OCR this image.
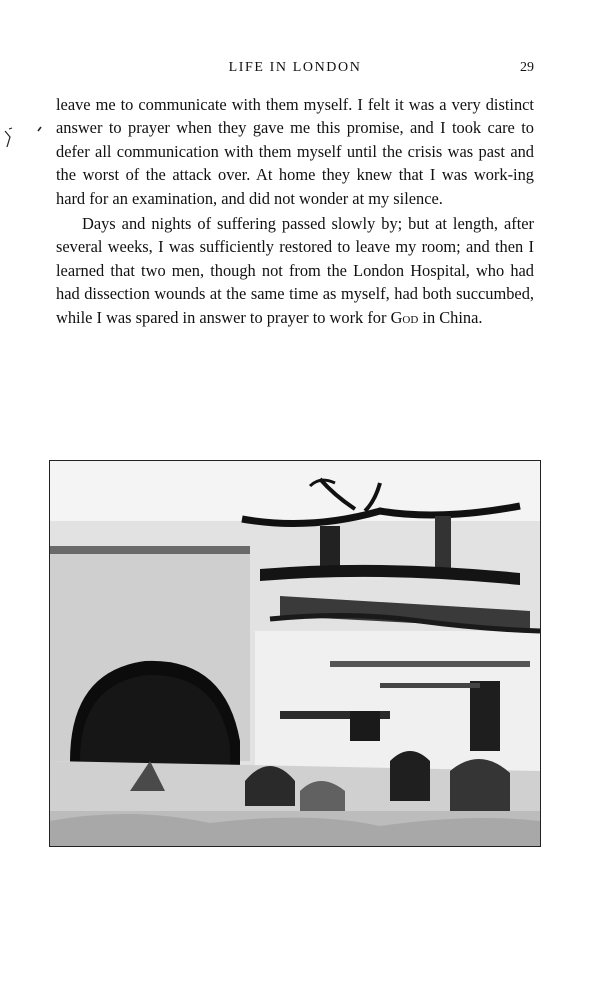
LIFE IN LONDON	29

leave me to communicate with them myself. I felt it was a very distinct answer to prayer when they gave me this promise, and I took care to defer all communication with them myself until the crisis was past and the worst of the attack over. At home they knew that I was work-ing hard for an examination, and did not wonder at my silence.

Days and nights of suffering passed slowly by; but at length, after several weeks, I was sufficiently restored to leave my room; and then I learned that two men, though not from the London Hospital, who had had dissection wounds at the same time as myself, had both succumbed, while I was spared in answer to prayer to work for God in China.
